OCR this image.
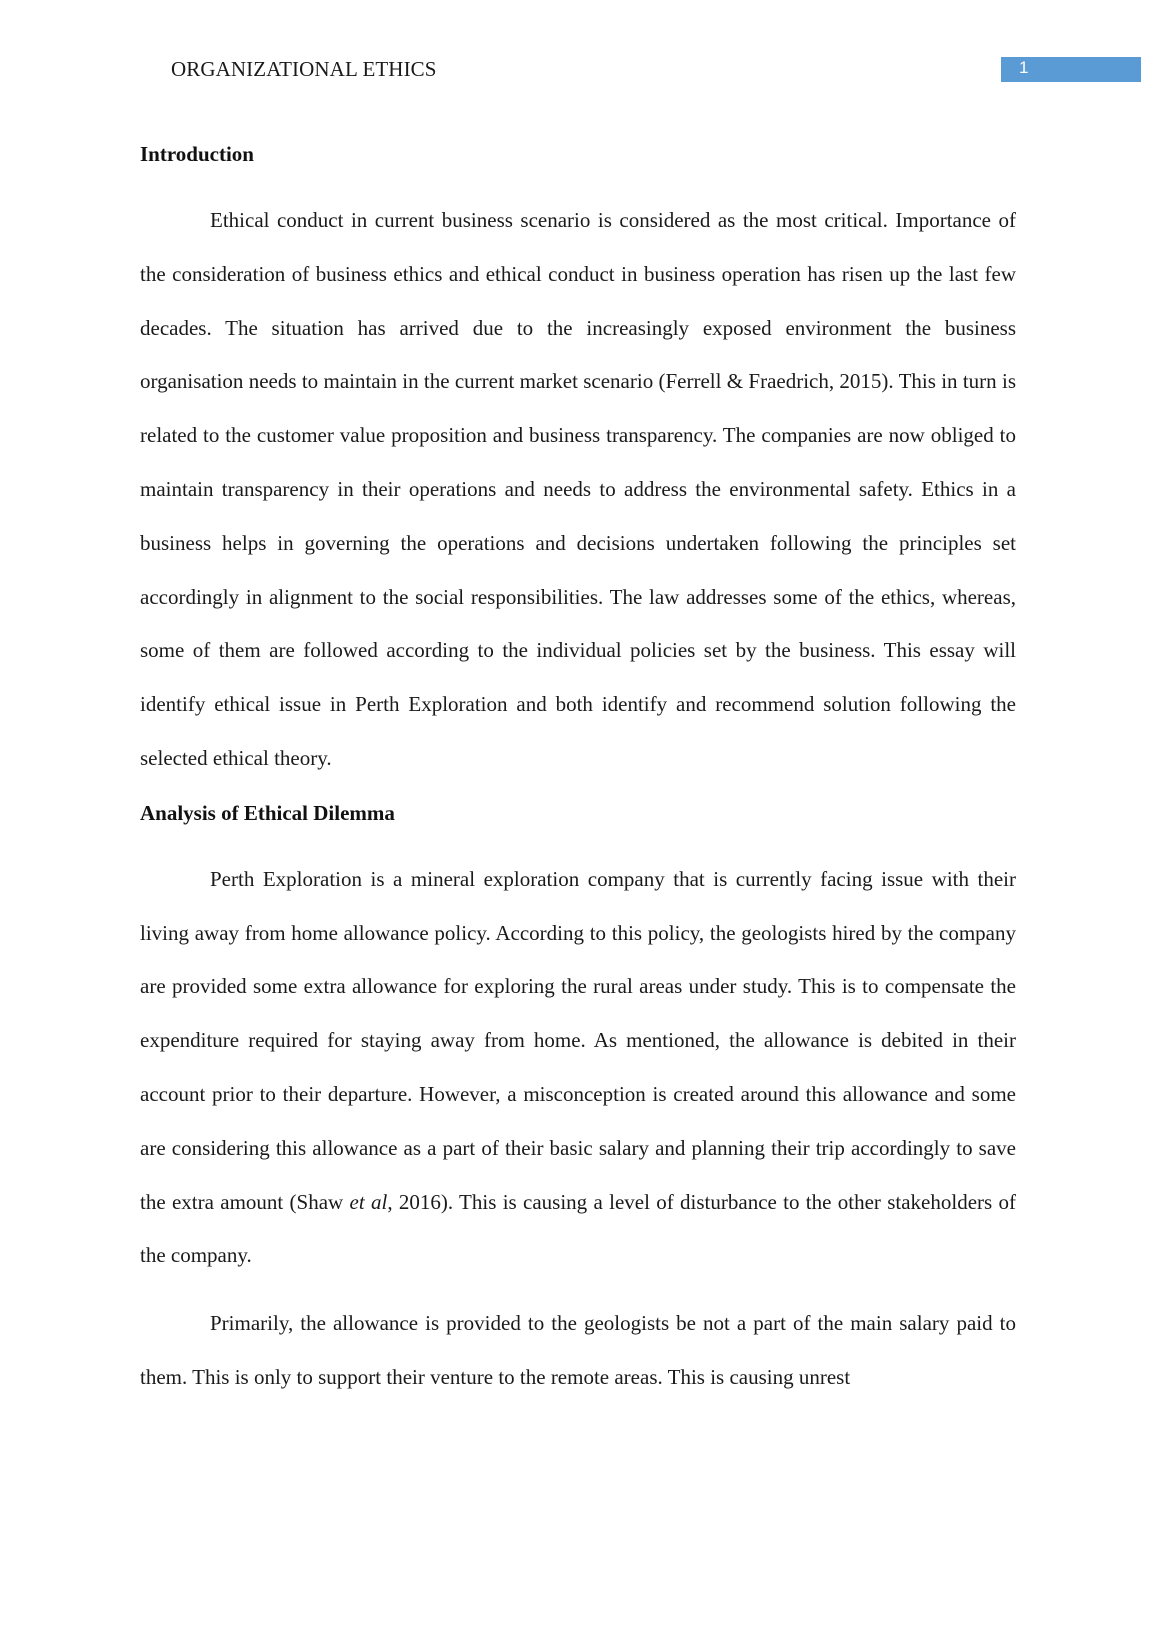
ORGANIZATIONAL ETHICS	1
Introduction

Ethical conduct in current business scenario is considered as the most critical. Importance of the consideration of business ethics and ethical conduct in business operation has risen up the last few decades. The situation has arrived due to the increasingly exposed environment the business organisation needs to maintain in the current market scenario (Ferrell & Fraedrich, 2015). This in turn is related to the customer value proposition and business transparency. The companies are now obliged to maintain transparency in their operations and needs to address the environmental safety. Ethics in a business helps in governing the operations and decisions undertaken following the principles set accordingly in alignment to the social responsibilities. The law addresses some of the ethics, whereas, some of them are followed according to the individual policies set by the business. This essay will identify ethical issue in Perth Exploration and both identify and recommend solution following the selected ethical theory.

Analysis of Ethical Dilemma

Perth Exploration is a mineral exploration company that is currently facing issue with their living away from home allowance policy. According to this policy, the geologists hired by the company are provided some extra allowance for exploring the rural areas under study. This is to compensate the expenditure required for staying away from home. As mentioned, the allowance is debited in their account prior to their departure. However, a misconception is created around this allowance and some are considering this allowance as a part of their basic salary and planning their trip accordingly to save the extra amount (Shaw et al, 2016). This is causing a level of disturbance to the other stakeholders of the company.

Primarily, the allowance is provided to the geologists be not a part of the main salary paid to them. This is only to support their venture to the remote areas. This is causing unrest
